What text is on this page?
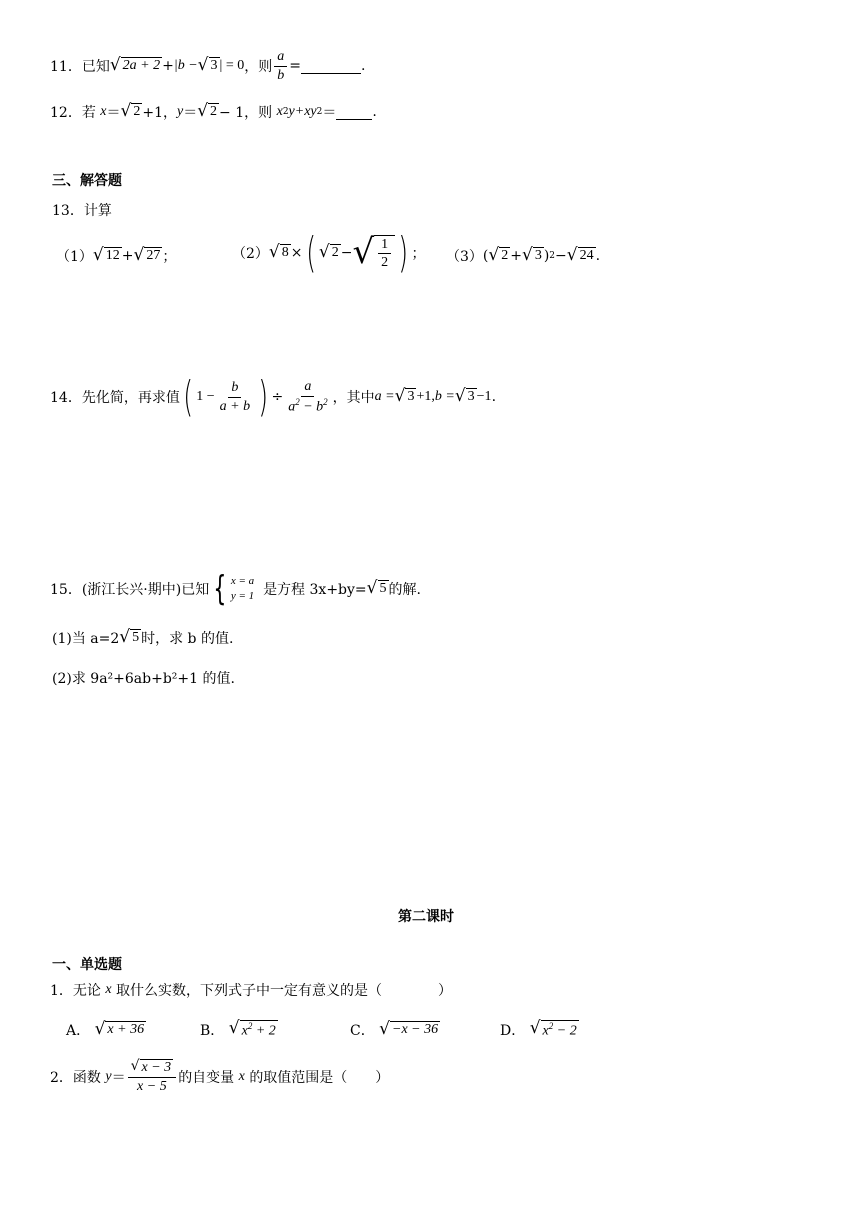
11． 已知 √ 2a + 2 + | b − √ 3 | = 0 ，则 $\frac{a}{b}$ =	.
12． 若
x ＝ √ 2 +1， y ＝ √ 2 − 1，则
x 2 y+xy 2 ＝	.
三、解答题
13．计算
（1） √ 12 + √ 27 ；	（2） √ 8 × ( √ 2 − √ $\frac{1}{2}$ ) ； （3） ( √ 2 + √ 3 ) 2 − √ 24 .
14． 先化简，再求值 ( $1 - \frac{b}{a + b}$ ) ÷ $\frac{a}{a^2 - b^2}$ ，其中 a = √ 3 +1, b = √ 3 −1 .
15． (浙江长兴·期中)已知 { x = a
y = 1
是方程 3x+by= √ 5 的解.
(1)当 a=2 √ 5 时，求 b 的值.
(2)求 9a²+6ab+b²+1 的值.
第二课时
一、单选题
1． 无论
x
取什么实数，下列式子中一定有意义的是（　　　　）
A．
√ x + 36	B．
√ $x^2 + 2$	C．
√ −x − 36	D．
√ $x^2 - 2$
2． 函数
$y = \frac{√ x - 3}{x - 5}$ 的自变量
x
的取值范围是（　　）
